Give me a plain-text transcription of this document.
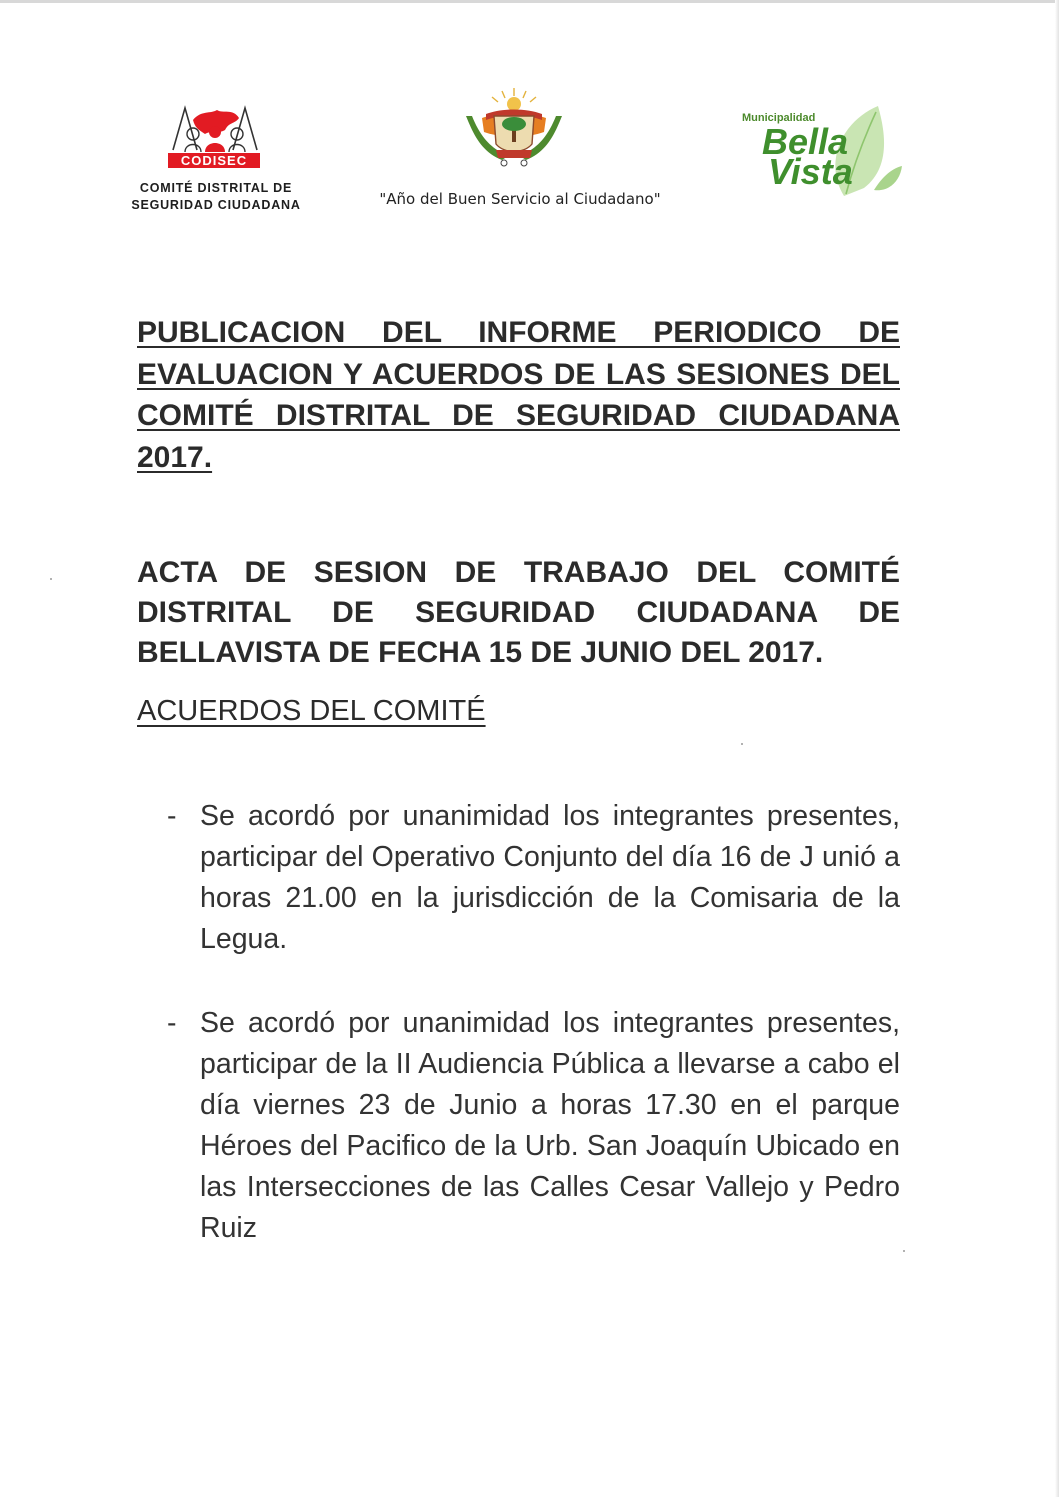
CODISEC
COMITÉ DISTRITAL DE
SEGURIDAD CIUDADANA	"Año del Buen Servicio al Ciudadano"
Municipalidad
Bella
Vista

PUBLICACION DEL INFORME PERIODICO DE EVALUACION Y ACUERDOS DE LAS SESIONES DEL COMITÉ DISTRITAL DE SEGURIDAD CIUDADANA 2017.

ACTA DE SESION DE TRABAJO DEL COMITÉ DISTRITAL DE SEGURIDAD CIUDADANA DE BELLAVISTA DE FECHA 15 DE JUNIO DEL 2017.

ACUERDOS DEL COMITÉ

- Se acordó por unanimidad los integrantes presentes, participar del Operativo Conjunto del día 16 de J unió a horas 21.00 en la jurisdicción de la Comisaria de la Legua.
- Se acordó por unanimidad los integrantes presentes, participar de la II Audiencia Pública a llevarse a cabo el día viernes 23 de Junio a horas 17.30 en el parque Héroes del Pacifico de la Urb. San Joaquín Ubicado en las Intersecciones de las Calles Cesar Vallejo y Pedro Ruiz
